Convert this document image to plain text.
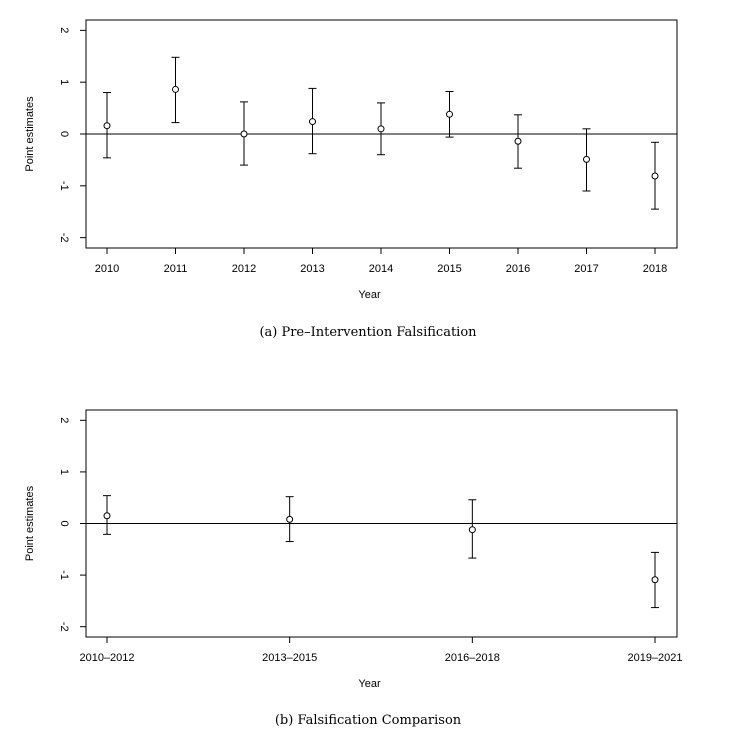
-2
-1
0
1
2
Point estimates
2010	2011	2012	2013	2014	2015	2016	2017	2018
Year
(a) Pre–Intervention Falsification
-2
-1
0
1
2
Point estimates
2010–2012	2013–2015	2016–2018	2019–2021
Year
(b) Falsification Comparison
